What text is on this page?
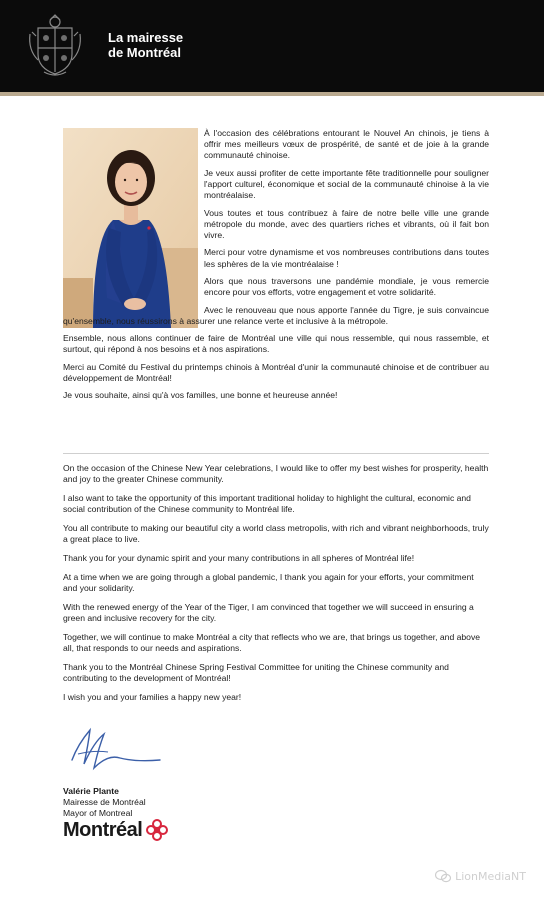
La mairesse
de Montréal

À l'occasion des célébrations entourant le Nouvel An chinois, je tiens à offrir mes meilleurs vœux de prospérité, de santé et de joie à la grande communauté chinoise.

Je veux aussi profiter de cette importante fête traditionnelle pour souligner l'apport culturel, économique et social de la communauté chinoise à la vie montréalaise.

Vous toutes et tous contribuez à faire de notre belle ville une grande métropole du monde, avec des quartiers riches et vibrants, où il fait bon vivre.

Merci pour votre dynamisme et vos nombreuses contributions dans toutes les sphères de la vie montréalaise !

Alors que nous traversons une pandémie mondiale, je vous remercie encore pour vos efforts, votre engagement et votre solidarité.

Avec le renouveau que nous apporte l'année du Tigre, je suis convaincue qu'ensemble, nous réussirons à assurer une relance verte et inclusive à la métropole.

Ensemble, nous allons continuer de faire de Montréal une ville qui nous ressemble, qui nous rassemble, et surtout, qui répond à nos besoins et à nos aspirations.

Merci au Comité du Festival du printemps chinois à Montréal d'unir la communauté chinoise et de contribuer au développement de Montréal!

Je vous souhaite, ainsi qu'à vos familles, une bonne et heureuse année!

On the occasion of the Chinese New Year celebrations, I would like to offer my best wishes for prosperity, health and joy to the greater Chinese community.

I also want to take the opportunity of this important traditional holiday to highlight the cultural, economic and social contribution of the Chinese community to Montréal life.

You all contribute to making our beautiful city a world class metropolis, with rich and vibrant neighborhoods, truly a great place to live.

Thank you for your dynamic spirit and your many contributions in all spheres of Montréal life!

At a time when we are going through a global pandemic, I thank you again for your efforts, your commitment and your solidarity.

With the renewed energy of the Year of the Tiger, I am convinced that together we will succeed in ensuring a green and inclusive recovery for the city.

Together, we will continue to make Montréal a city that reflects who we are, that brings us together, and above all, that responds to our needs and aspirations.

Thank you to the Montréal Chinese Spring Festival Committee for uniting the Chinese community and contributing to the development of Montréal!

I wish you and your families a happy new year!

Valérie Plante
Mairesse de Montréal
Mayor of Montreal
Montréal
LionMediaNT
